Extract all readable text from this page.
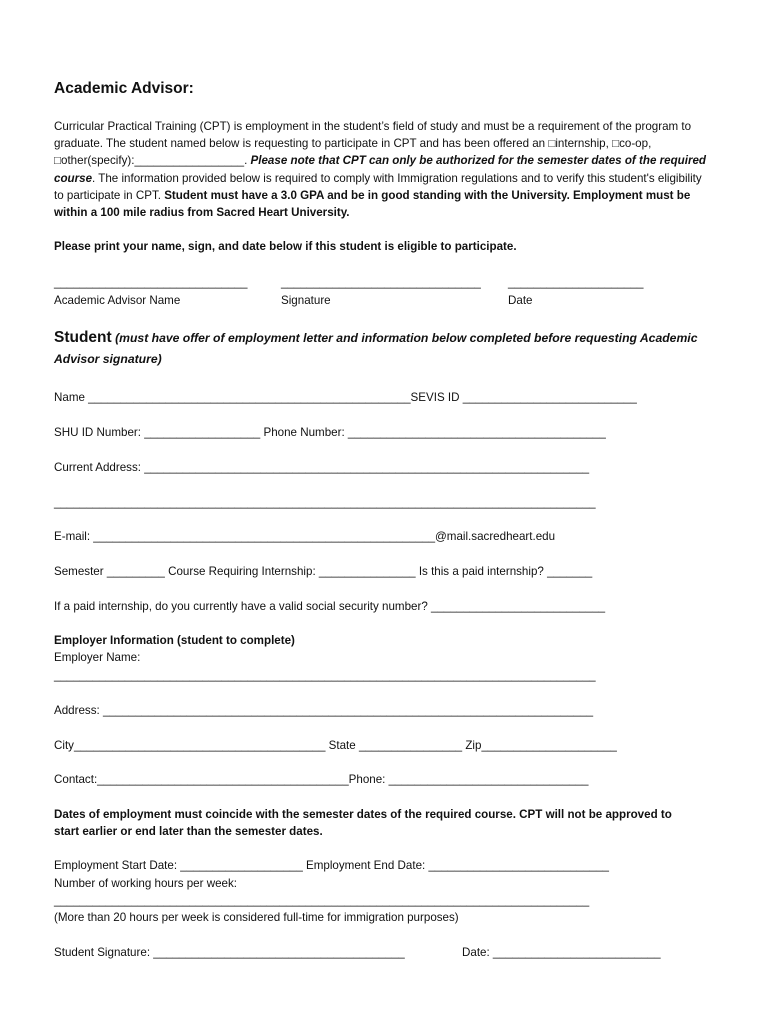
Academic Advisor:
Curricular Practical Training (CPT) is employment in the student’s field of study and must be a requirement of the program to graduate. The student named below is requesting to participate in CPT and has been offered an □internship, □co-op, □other(specify):_________________. Please note that CPT can only be authorized for the semester dates of the required course. The information provided below is required to comply with Immigration regulations and to verify this student's eligibility to participate in CPT. Student must have a 3.0 GPA and be in good standing with the University. Employment must be within a 100 mile radius from Sacred Heart University.
Please print your name, sign, and date below if this student is eligible to participate.
______________________________	_______________________________ _____________________
Academic Advisor Name	Signature	Date
Student (must have offer of employment letter and information below completed before requesting Academic Advisor signature)
Name __________________________________________________SEVIS ID ___________________________
SHU ID Number: __________________ Phone Number: ________________________________________
Current Address: _____________________________________________________________________
____________________________________________________________________________________
E-mail: _____________________________________________________@mail.sacredheart.edu
Semester _________ Course Requiring Internship: _______________ Is this a paid internship? _______
If a paid internship, do you currently have a valid social security number? ___________________________
Employer Information (student to complete)
Employer Name:
____________________________________________________________________________________
Address: ____________________________________________________________________________
City_______________________________________ State ________________ Zip_____________________
Contact:_______________________________________Phone: _______________________________
Dates of employment must coincide with the semester dates of the required course. CPT will not be approved to
start earlier or end later than the semester dates.
Employment Start Date: ___________________ Employment End Date: ____________________________
Number of working hours per week:
___________________________________________________________________________________
(More than 20 hours per week is considered full-time for immigration purposes)
Student Signature: _______________________________________	Date: __________________________
